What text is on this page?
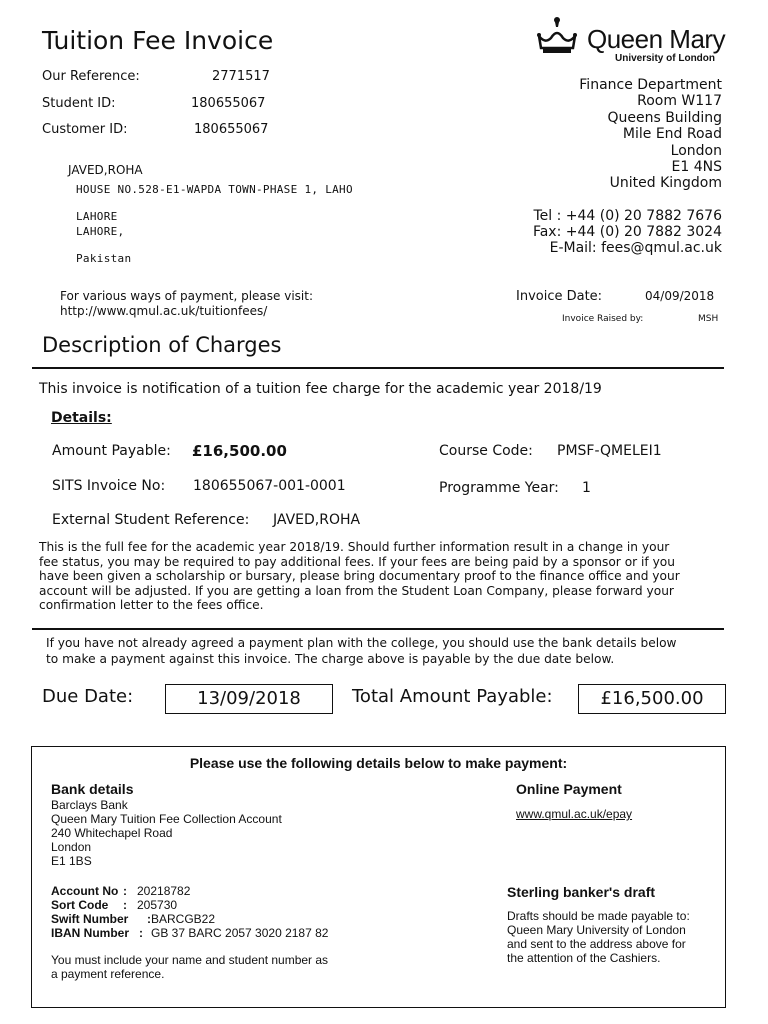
Tuition Fee Invoice	Queen Mary
University of London
Our Reference:	2771517
Student ID:	180655067
Customer ID:	180655067
JAVED,ROHA
HOUSE NO.528-E1-WAPDA TOWN-PHASE 1, LAHO
LAHORE
LAHORE,
Pakistan
Finance Department
Room W117
Queens Building
Mile End Road
London
E1 4NS
United Kingdom
Tel : +44 (0) 20 7882 7676
Fax: +44 (0) 20 7882 3024
E-Mail: fees@qmul.ac.uk
For various ways of payment, please visit:
http://www.qmul.ac.uk/tuitionfees/
Invoice Date:	04/09/2018
Invoice Raised by:	MSH
Description of Charges
This invoice is notification of a tuition fee charge for the academic year 2018/19
Details:
Amount Payable: £16,500.00	Course Code: PMSF-QMELEI1
SITS Invoice No: 180655067-001-0001	Programme Year: 1
External Student Reference: JAVED,ROHA
This is the full fee for the academic year 2018/19. Should further information result in a change in your
fee status, you may be required to pay additional fees. If your fees are being paid by a sponsor or if you
have been given a scholarship or bursary, please bring documentary proof to the finance office and your
account will be adjusted. If you are getting a loan from the Student Loan Company, please forward your
confirmation letter to the fees office.
If you have not already agreed a payment plan with the college, you should use the bank details below
to make a payment against this invoice. The charge above is payable by the due date below.
Due Date:	13/09/2018	Total Amount Payable:	£16,500.00
Please use the following details below to make payment:
Bank details
Barclays Bank
Queen Mary Tuition Fee Collection Account
240 Whitechapel Road
London
E1 1BS
Account No : 20218782
Sort Code : 205730
Swift Number :BARCGB22
IBAN Number : GB 37 BARC 2057 3020 2187 82
You must include your name and student number as
a payment reference.
Online Payment
www.qmul.ac.uk/epay
Sterling banker's draft
Drafts should be made payable to:
Queen Mary University of London
and sent to the address above for
the attention of the Cashiers.
